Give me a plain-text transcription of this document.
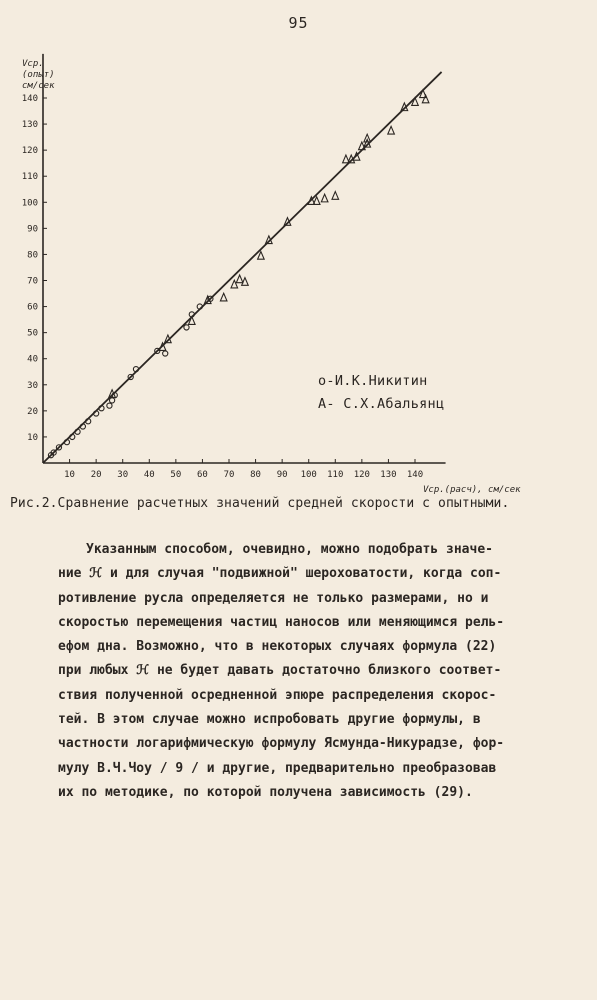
95
10 20 30 40 50 60 70 80 90 100 110 120 130 140
10
20
30
40
50
60
70
80
90
100
110
120
130
140
Vср. (опыт) см/сек
Vср.(расч), см/сек
о-И.К.Никитин
А- С.Х.Абальянц
Рис.2.Сравнение расчетных значений средней скорости с опытными.
Указанным способом, очевидно, можно подобрать значе-
ние ℋ и для случая "подвижной" шероховатости, когда соп-
ротивление русла определяется не только размерами, но и
скоростью перемещения частиц наносов или меняющимся рель-
ефом дна. Возможно, что в некоторых случаях формула (22)
при любых ℋ не будет давать достаточно близкого соответ-
ствия полученной осредненной эпюре распределения скорос-
тей. В этом случае можно испробовать другие формулы, в
частности логарифмическую формулу Ясмунда-Никурадзе, фор-
мулу В.Ч.Чоу / 9 / и другие, предварительно преобразовав
их по методике, по которой получена зависимость (29).
